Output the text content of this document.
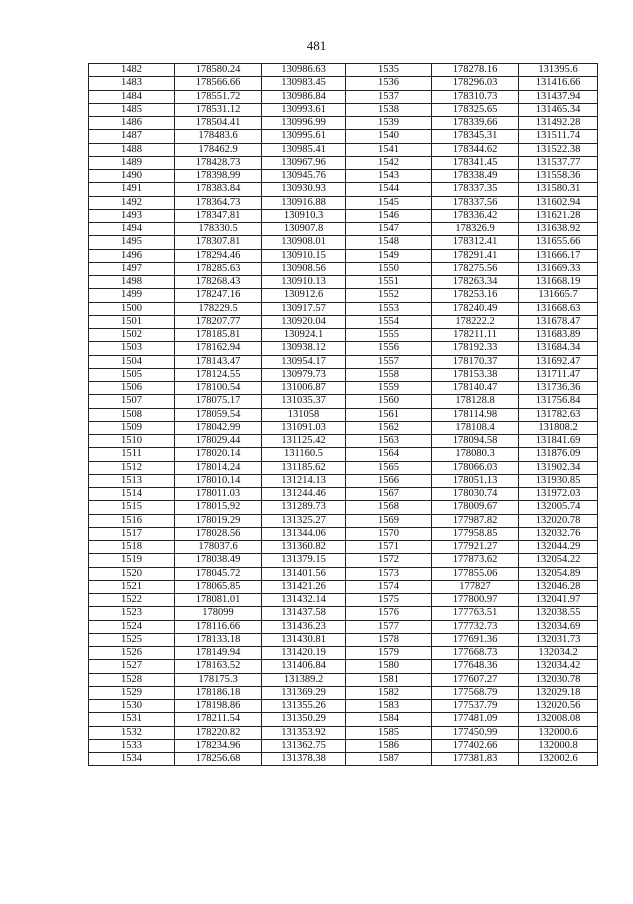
481
1482	178580.24	130986.63	1535	178278.16	131395.6
1483	178566.66	130983.45	1536	178296.03	131416.66
1484	178551.72	130986.84	1537	178310.73	131437.94
1485	178531.12	130993.61	1538	178325.65	131465.34
1486	178504.41	130996.99	1539	178339.66	131492.28
1487	178483.6	130995.61	1540	178345.31	131511.74
1488	178462.9	130985.41	1541	178344.62	131522.38
1489	178428.73	130967.96	1542	178341.45	131537.77
1490	178398.99	130945.76	1543	178338.49	131558.36
1491	178383.84	130930.93	1544	178337.35	131580.31
1492	178364.73	130916.88	1545	178337.56	131602.94
1493	178347.81	130910.3	1546	178336.42	131621.28
1494	178330.5	130907.8	1547	178326.9	131638.92
1495	178307.81	130908.01	1548	178312.41	131655.66
1496	178294.46	130910.15	1549	178291.41	131666.17
1497	178285.63	130908.56	1550	178275.56	131669.33
1498	178268.43	130910.13	1551	178263.34	131668.19
1499	178247.16	130912.6	1552	178253.16	131665.7
1500	178229.5	130917.57	1553	178240.49	131668.63
1501	178207.77	130920.04	1554	178222.2	131678.47
1502	178185.81	130924.1	1555	178211.11	131683.89
1503	178162.94	130938.12	1556	178192.33	131684.34
1504	178143.47	130954.17	1557	178170.37	131692.47
1505	178124.55	130979.73	1558	178153.38	131711.47
1506	178100.54	131006.87	1559	178140.47	131736.36
1507	178075.17	131035.37	1560	178128.8	131756.84
1508	178059.54	131058	1561	178114.98	131782.63
1509	178042.99	131091.03	1562	178108.4	131808.2
1510	178029.44	131125.42	1563	178094.58	131841.69
1511	178020.14	131160.5	1564	178080.3	131876.09
1512	178014.24	131185.62	1565	178066.03	131902.34
1513	178010.14	131214.13	1566	178051.13	131930.85
1514	178011.03	131244.46	1567	178030.74	131972.03
1515	178015.92	131289.73	1568	178009.67	132005.74
1516	178019.29	131325.27	1569	177987.82	132020.78
1517	178028.56	131344.06	1570	177958.85	132032.76
1518	178037.6	131360.82	1571	177921.27	132044.29
1519	178038.49	131379.15	1572	177873.62	132054.22
1520	178045.72	131401.56	1573	177855.06	132054.89
1521	178065.85	131421.26	1574	177827	132046.28
1522	178081.01	131432.14	1575	177800.97	132041.97
1523	178099	131437.58	1576	177763.51	132038.55
1524	178116.66	131436.23	1577	177732.73	132034.69
1525	178133.18	131430.81	1578	177691.36	132031.73
1526	178149.94	131420.19	1579	177668.73	132034.2
1527	178163.52	131406.84	1580	177648.36	132034.42
1528	178175.3	131389.2	1581	177607.27	132030.78
1529	178186.18	131369.29	1582	177568.79	132029.18
1530	178198.86	131355.26	1583	177537.79	132020.56
1531	178211.54	131350.29	1584	177481.09	132008.08
1532	178220.82	131353.92	1585	177450.99	132000.6
1533	178234.96	131362.75	1586	177402.66	132000.8
1534	178256.68	131378.38	1587	177381.83	132002.6
